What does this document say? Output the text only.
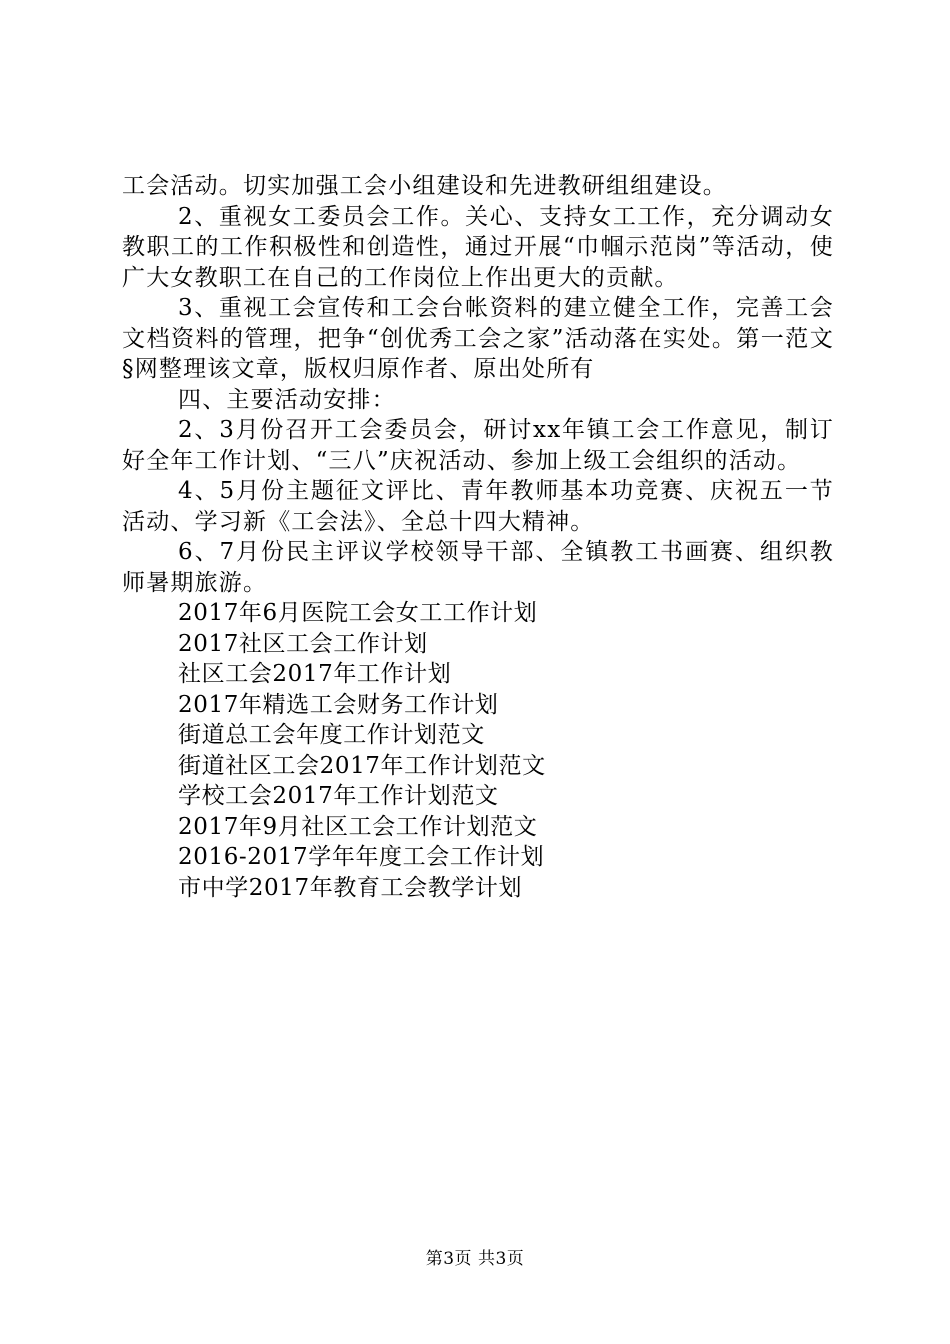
工会活动。切实加强工会小组建设和先进教研组组建设。

2、重视女工委员会工作。关心、支持女工工作，充分调动女教职工的工作积极性和创造性，通过开展“巾帼示范岗”等活动，使广大女教职工在自己的工作岗位上作出更大的贡献。

3、重视工会宣传和工会台帐资料的建立健全工作，完善工会文档资料的管理，把争“创优秀工会之家”活动落在实处。第一范文§网整理该文章，版权归原作者、原出处所有

四、主要活动安排：

2、3月份召开工会委员会，研讨xx年镇工会工作意见，制订好全年工作计划、“三八”庆祝活动、参加上级工会组织的活动。

4、5月份主题征文评比、青年教师基本功竞赛、庆祝五一节活动、学习新《工会法》、全总十四大精神。

6、7月份民主评议学校领导干部、全镇教工书画赛、组织教师暑期旅游。

2017年6月医院工会女工工作计划

2017社区工会工作计划

社区工会2017年工作计划

2017年精选工会财务工作计划

街道总工会年度工作计划范文

街道社区工会2017年工作计划范文

学校工会2017年工作计划范文

2017年9月社区工会工作计划范文

2016-2017学年年度工会工作计划

市中学2017年教育工会教学计划

第3页 共3页
